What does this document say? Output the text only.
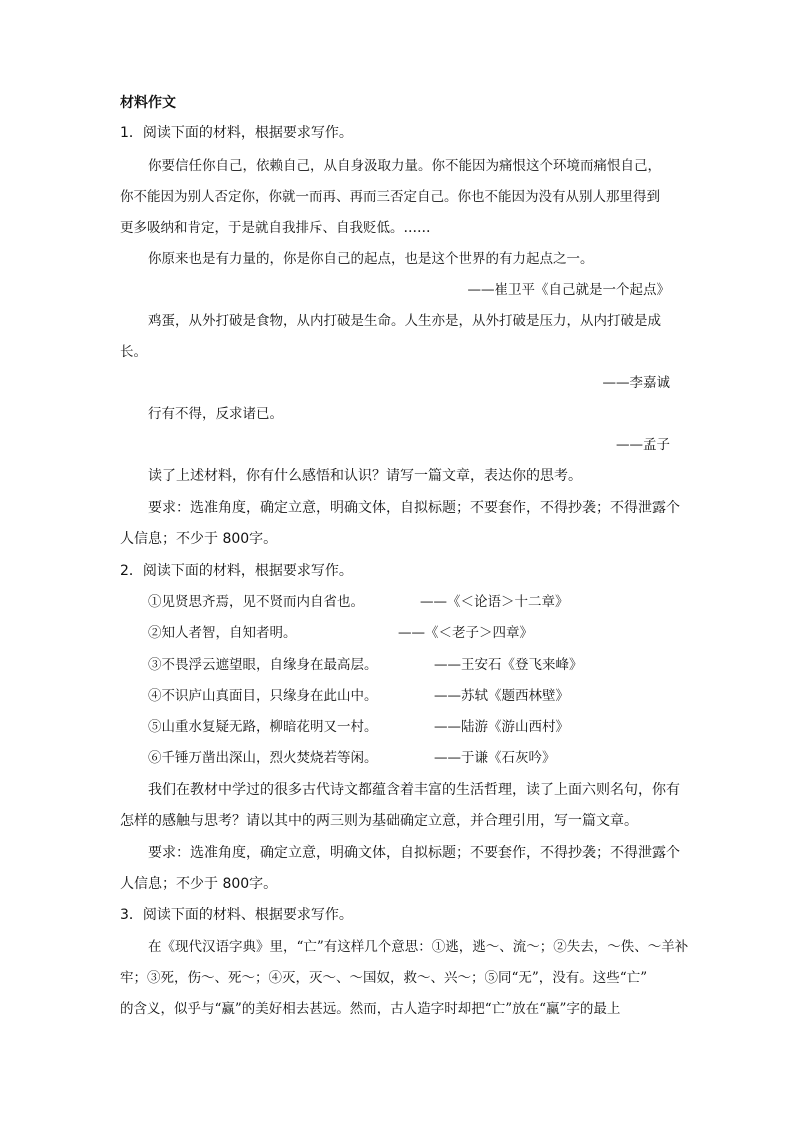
材料作文
1．阅读下面的材料，根据要求写作。
你要信任你自己，依赖自己，从自身汲取力量。你不能因为痛恨这个环境而痛恨自己，
你不能因为别人否定你，你就一而再、再而三否定自己。你也不能因为没有从别人那里得到
更多吸纳和肯定，于是就自我排斥、自我贬低。……
你原来也是有力量的，你是你自己的起点，也是这个世界的有力起点之一。
——崔卫平《自己就是一个起点》
鸡蛋，从外打破是食物，从内打破是生命。人生亦是，从外打破是压力，从内打破是成
长。
——李嘉诚
行有不得，反求诸已。
——孟子
读了上述材料，你有什么感悟和认识？请写一篇文章，表达你的思考。
要求：选准角度，确定立意，明确文体，自拟标题；不要套作，不得抄袭；不得泄露个
人信息；不少于 800字。
2．阅读下面的材料，根据要求写作。
①见贤思齐焉，见不贤而内自省也。	——《＜论语＞十二章》
②知人者智，自知者明。	——《＜老子＞四章》
③不畏浮云遮望眼，自缘身在最高层。	——王安石《登飞来峰》
④不识庐山真面目，只缘身在此山中。	——苏轼《题西林壁》
⑤山重水复疑无路，柳暗花明又一村。	——陆游《游山西村》
⑥千锤万凿出深山，烈火焚烧若等闲。	——于谦《石灰吟》
我们在教材中学过的很多古代诗文都蕴含着丰富的生活哲理，读了上面六则名句，你有
怎样的感触与思考？请以其中的两三则为基础确定立意，并合理引用，写一篇文章。
要求：选准角度，确定立意，明确文体，自拟标题；不要套作，不得抄袭；不得泄露个
人信息；不少于 800字。
3．阅读下面的材料、根据要求写作。
在《现代汉语字典》里，“亡”有这样几个意思：①逃，逃～、流～；②失去，～佚、～羊补
牢；③死，伤～、死～；④灭，灭～、～国奴，救～、兴～；⑤同“无”，没有。这些“亡”
的含义，似乎与“赢”的美好相去甚远。然而，古人造字时却把“亡”放在“赢”字的最上
